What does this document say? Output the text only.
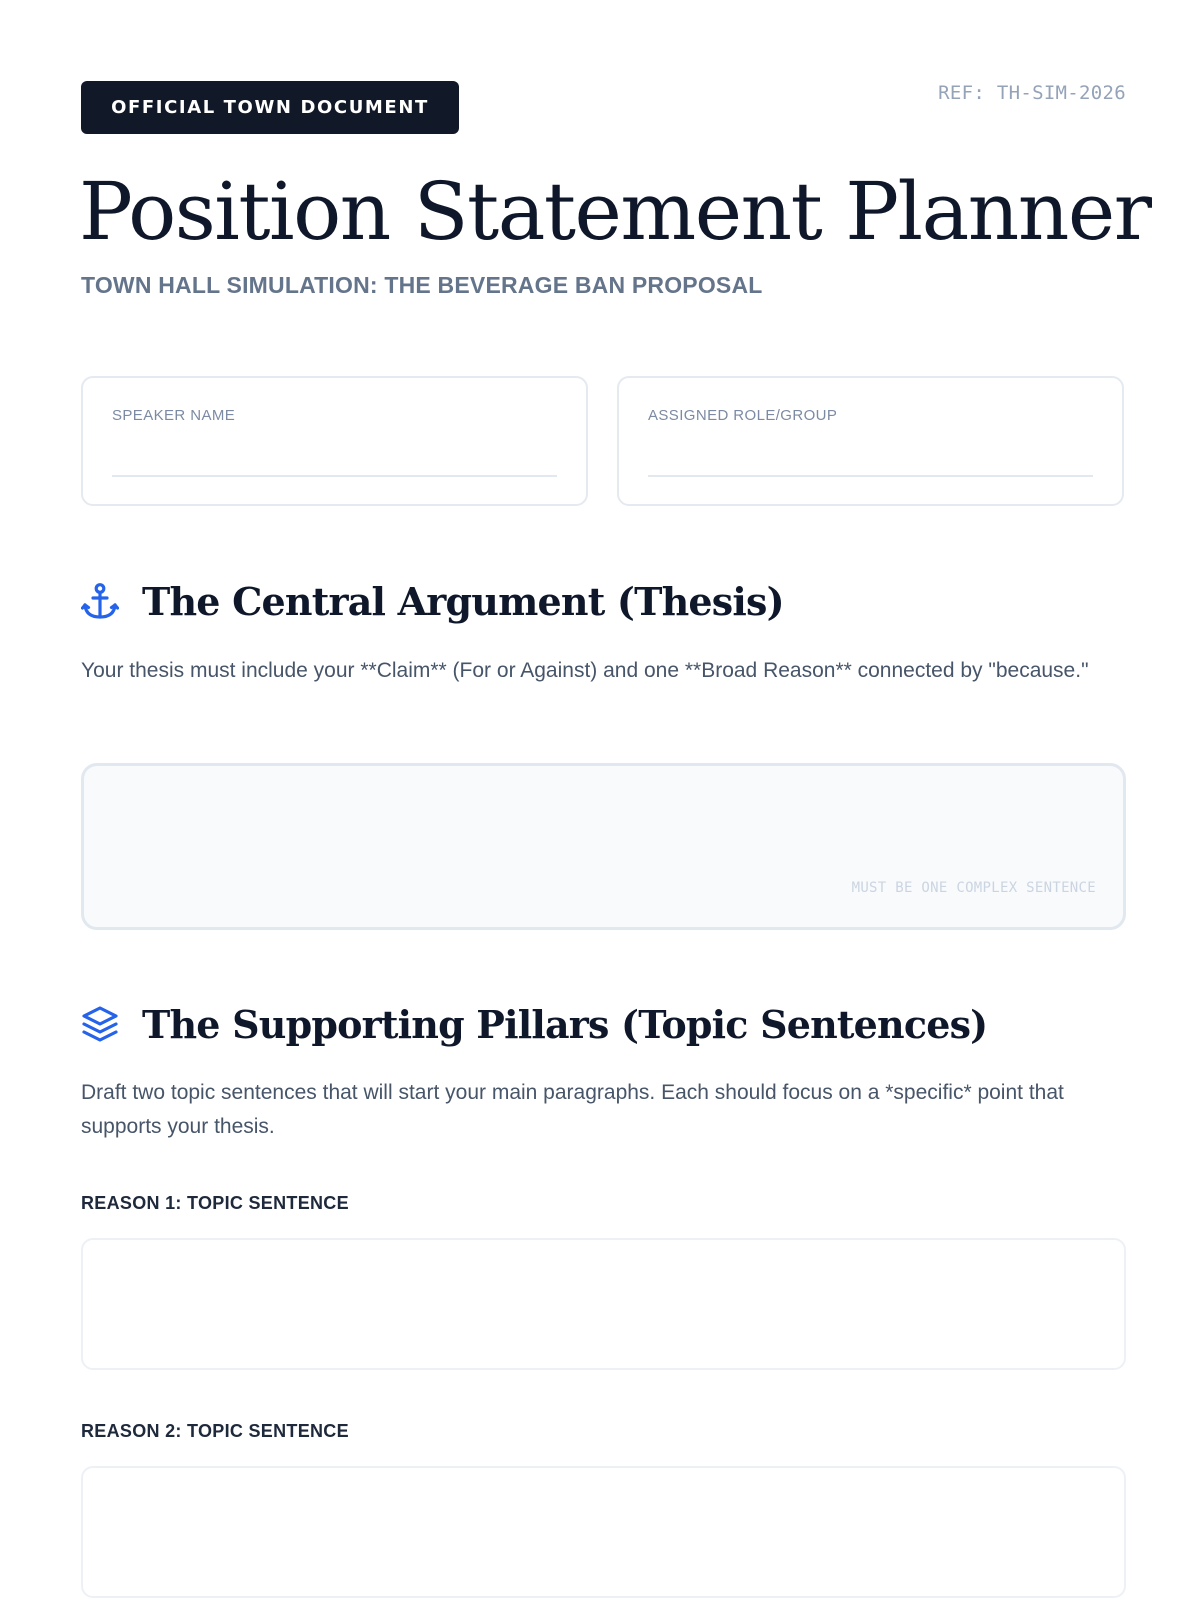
OFFICIAL TOWN DOCUMENT
REF: TH-SIM-2026
Position Statement Planner
TOWN HALL SIMULATION: THE BEVERAGE BAN PROPOSAL
SPEAKER NAME	ASSIGNED ROLE/GROUP
The Central Argument (Thesis)

Your thesis must include your **Claim** (For or Against) and one **Broad Reason** connected by "because."

MUST BE ONE COMPLEX SENTENCE
The Supporting Pillars (Topic Sentences)

Draft two topic sentences that will start your main paragraphs. Each should focus on a *specific* point that supports your thesis.

REASON 1: TOPIC SENTENCE
REASON 2: TOPIC SENTENCE
